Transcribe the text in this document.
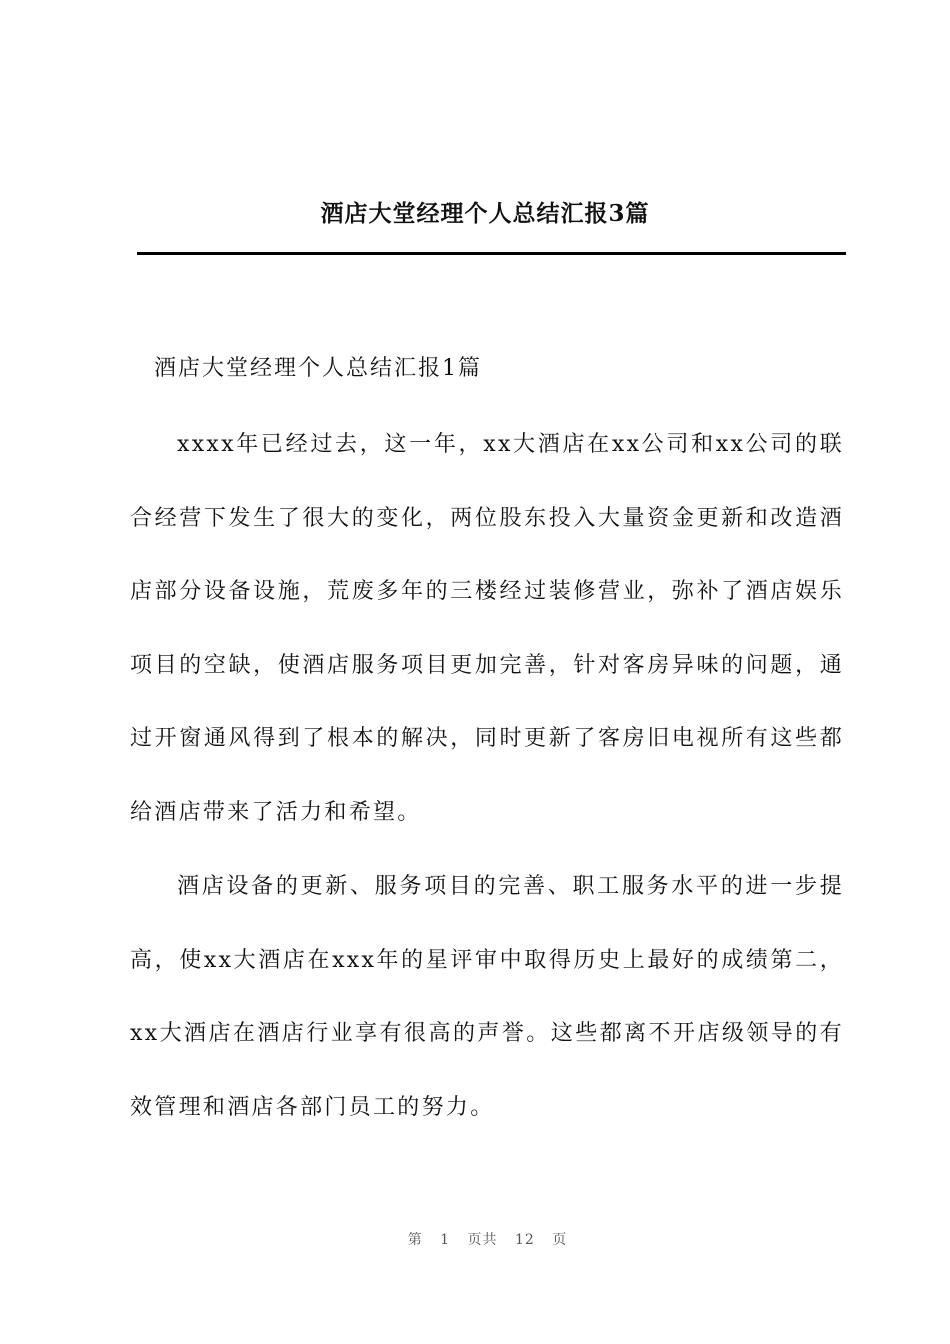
酒店大堂经理个人总结汇报3篇
酒店大堂经理个人总结汇报1篇

xxxx年已经过去，这一年，xx大酒店在xx公司和xx公司的联合经营下发生了很大的变化，两位股东投入大量资金更新和改造酒店部分设备设施，荒废多年的三楼经过装修营业，弥补了酒店娱乐项目的空缺，使酒店服务项目更加完善，针对客房异味的问题，通过开窗通风得到了根本的解决，同时更新了客房旧电视所有这些都给酒店带来了活力和希望。

酒店设备的更新、服务项目的完善、职工服务水平的进一步提高，使xx大酒店在xxx年的星评审中取得历史上最好的成绩第二，xx大酒店在酒店行业享有很高的声誉。这些都离不开店级领导的有效管理和酒店各部门员工的努力。

第 1 页共 12 页
